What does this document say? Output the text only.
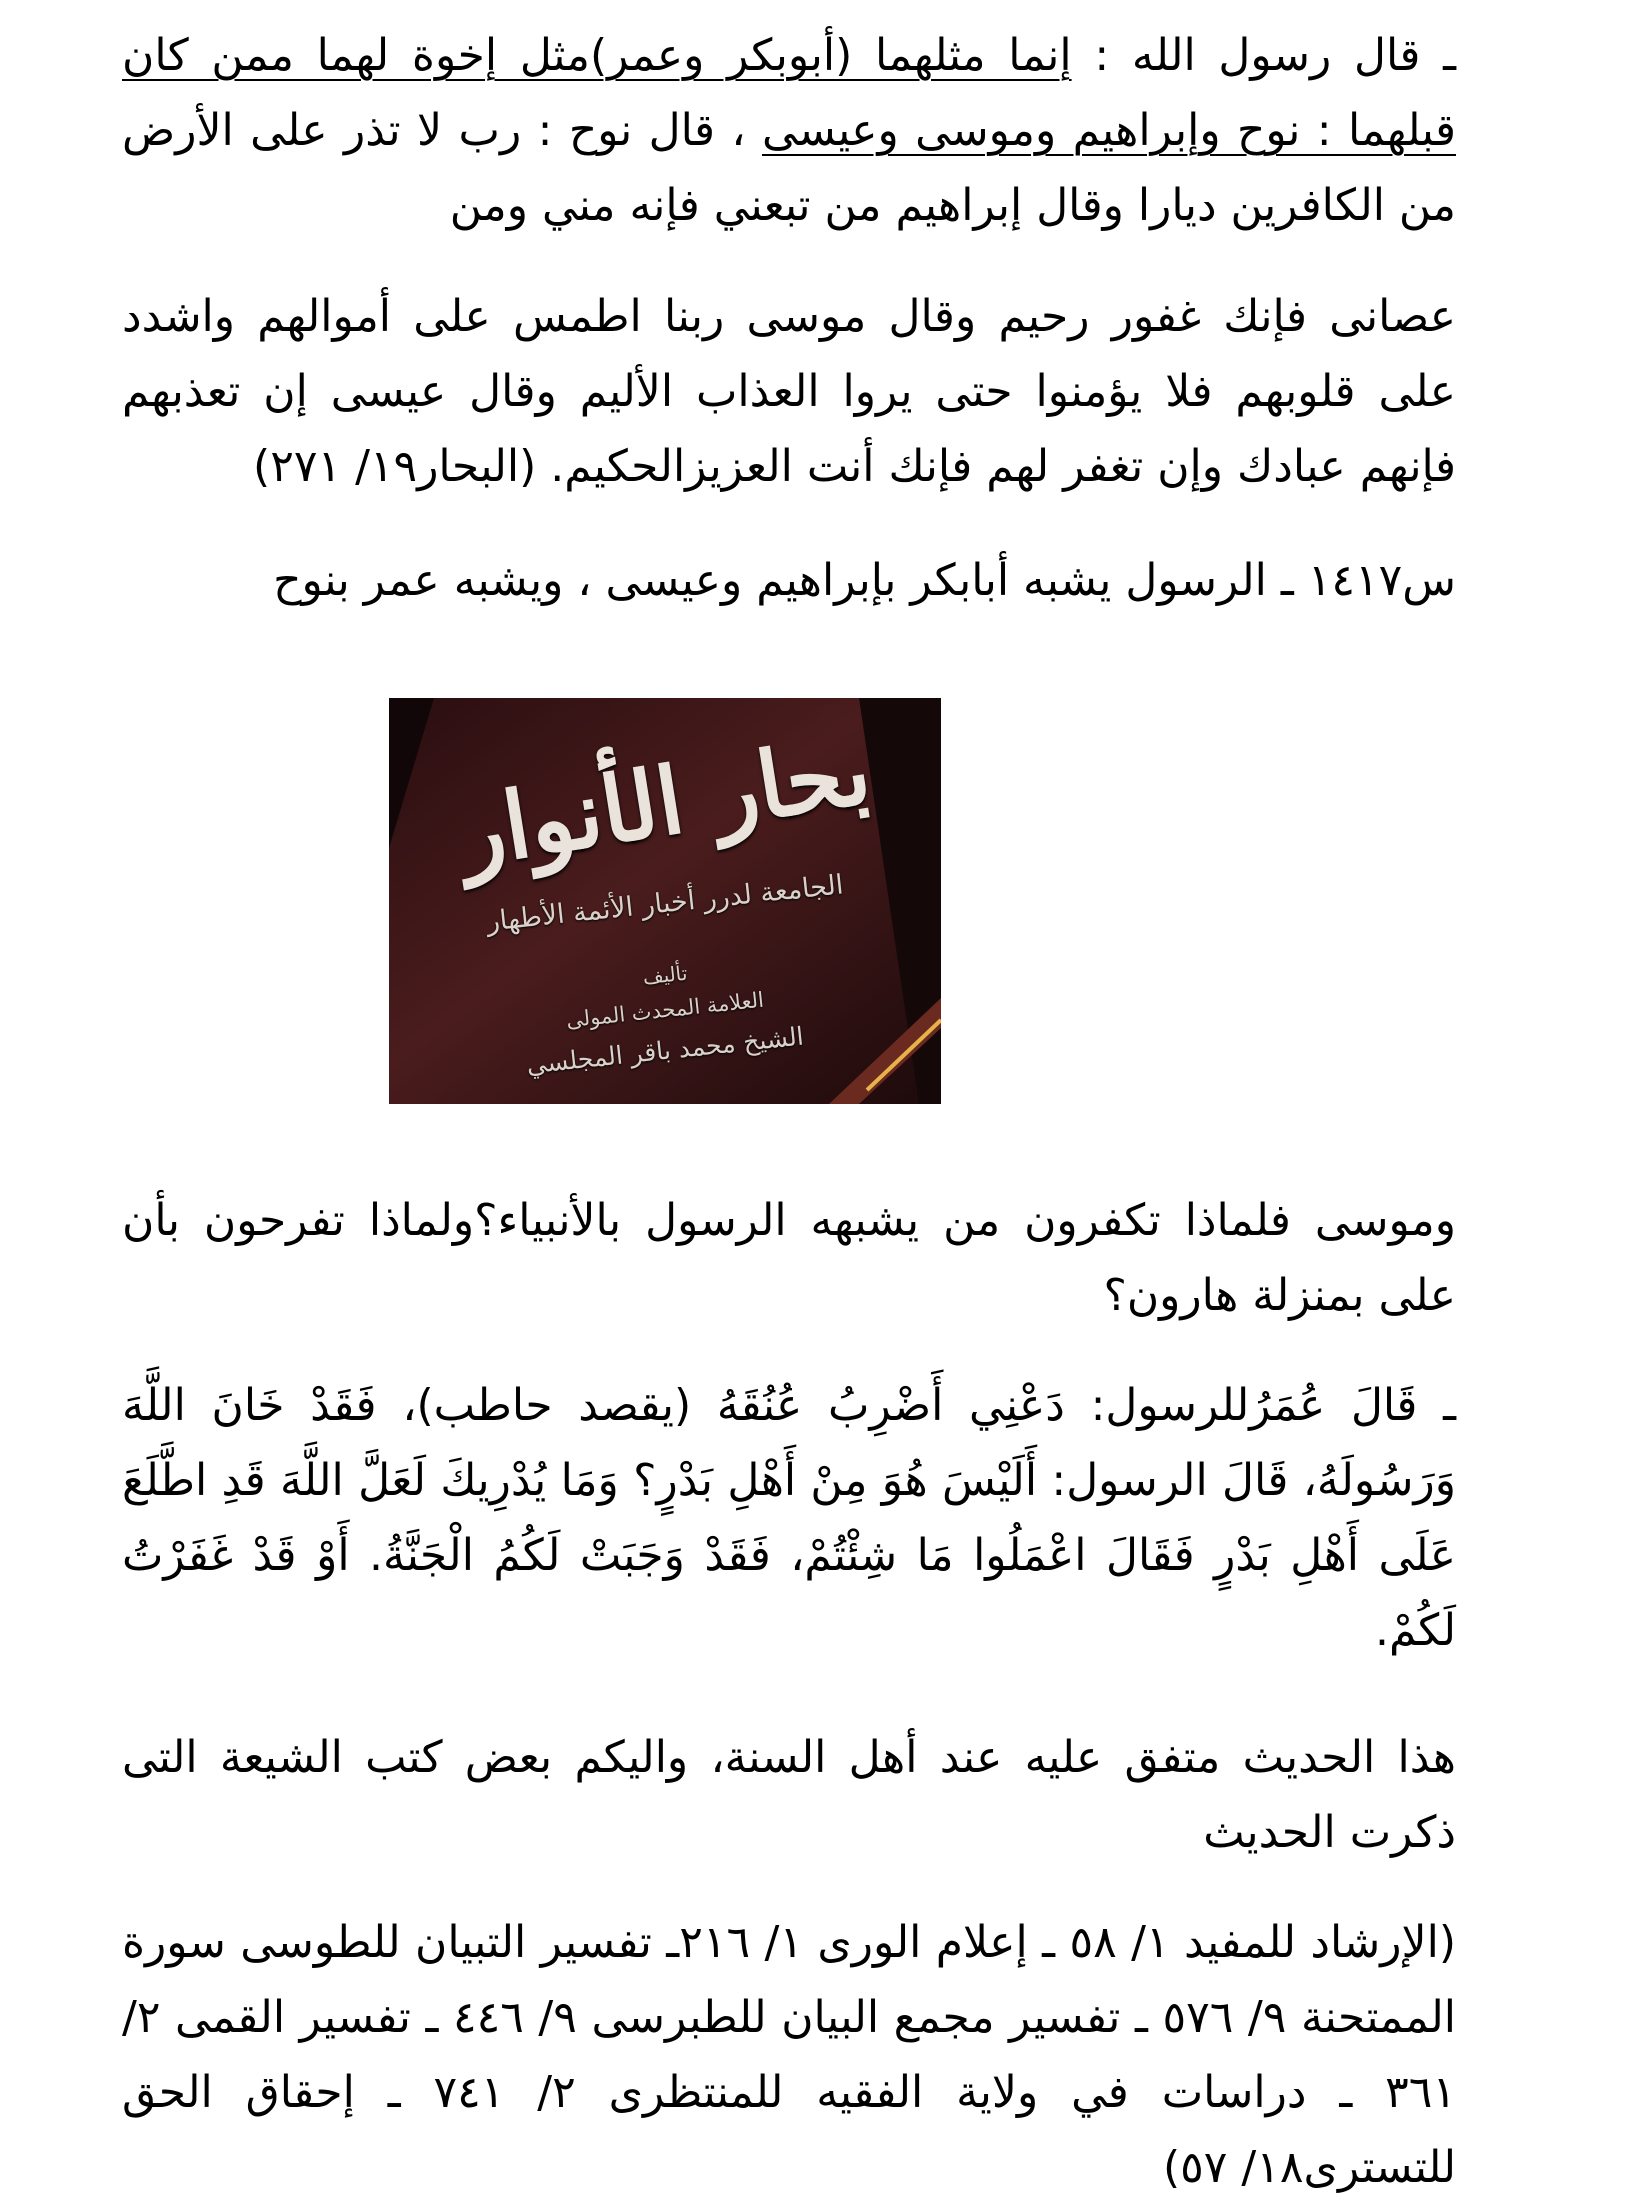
ـ قال رسول الله : إنما مثلهما (أبوبكر وعمر)مثل إخوة لهما ممن كان قبلهما : نوح وإبراهيم وموسى وعيسى ، قال نوح : رب لا تذر على الأرض من الكافرين ديارا وقال إبراهيم من تبعني فإنه مني ومن

عصانى فإنك غفور رحيم وقال موسى ربنا اطمس على أموالهم واشدد على قلوبهم فلا يؤمنوا حتى يروا العذاب الأليم وقال عيسى إن تعذبهم فإنهم عبادك وإن تغفر لهم فإنك أنت العزيزالحكيم. (البحار١٩/ ٢٧١)

س١٤١٧ ـ الرسول يشبه أبابكر بإبراهيم وعيسى ، ويشبه عمر بنوح

بحار الأنوار
الجامعة لدرر أخبار الأئمة الأطهار
تأليف
العلامة المحدث المولى
الشيخ محمد باقر المجلسي

وموسى فلماذا تكفرون من يشبهه الرسول بالأنبياء؟ولماذا تفرحون بأن على بمنزلة هارون؟

ـ قَالَ عُمَرُللرسول: دَعْنِي أَضْرِبُ عُنُقَهُ (يقصد حاطب)، فَقَدْ خَانَ اللَّهَ وَرَسُولَهُ، قَالَ الرسول: أَلَيْسَ هُوَ مِنْ أَهْلِ بَدْرٍ؟ وَمَا يُدْرِيكَ لَعَلَّ اللَّهَ قَدِ اطَّلَعَ عَلَى أَهْلِ بَدْرٍ فَقَالَ اعْمَلُوا مَا شِئْتُمْ، فَقَدْ وَجَبَتْ لَكُمُ الْجَنَّةُ. أَوْ قَدْ غَفَرْتُ لَكُمْ.

هذا الحديث متفق عليه عند أهل السنة، واليكم بعض كتب الشيعة التى ذكرت الحديث

(الإرشاد للمفيد ١/ ٥٨ ـ إعلام الورى ١/ ٢١٦ـ تفسير التبيان للطوسى سورة الممتحنة ٩/ ٥٧٦ ـ تفسير مجمع البيان للطبرسى ٩/ ٤٤٦ ـ تفسير القمى ٢/ ٣٦١ ـ دراسات في ولاية الفقيه للمنتظرى ٢/ ٧٤١ ـ إحقاق الحق للتسترى١٨/ ٥٧)
